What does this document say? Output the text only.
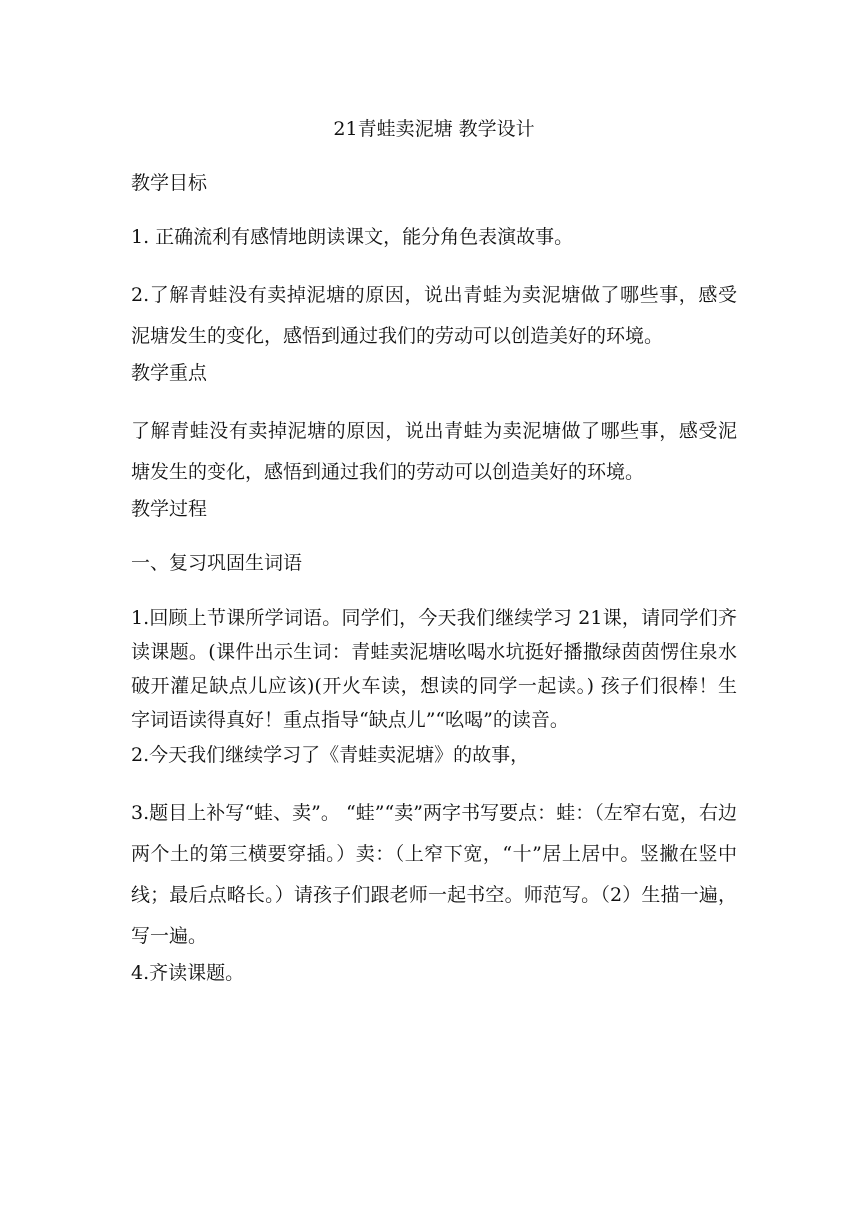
21青蛙卖泥塘 教学设计

教学目标

1. 正确流利有感情地朗读课文，能分角色表演故事。

2.了解青蛙没有卖掉泥塘的原因，说出青蛙为卖泥塘做了哪些事，感受泥塘发生的变化，感悟到通过我们的劳动可以创造美好的环境。

教学重点

了解青蛙没有卖掉泥塘的原因，说出青蛙为卖泥塘做了哪些事，感受泥塘发生的变化，感悟到通过我们的劳动可以创造美好的环境。

教学过程

一、复习巩固生词语

1.回顾上节课所学词语。同学们，今天我们继续学习 21课，请同学们齐读课题。(课件出示生词：青蛙卖泥塘吆喝水坑挺好播撒绿茵茵愣住泉水破开灌足缺点儿应该)(开火车读，想读的同学一起读。) 孩子们很棒！生字词语读得真好！重点指导“缺点儿”“吆喝”的读音。

2.今天我们继续学习了《青蛙卖泥塘》的故事，

3.题目上补写“蛙、卖”。 “蛙”“卖”两字书写要点：蛙：（左窄右宽，右边两个土的第三横要穿插。）卖：（上窄下宽，“十”居上居中。竖撇在竖中线；最后点略长。）请孩子们跟老师一起书空。师范写。（2）生描一遍，写一遍。

4.齐读课题。
